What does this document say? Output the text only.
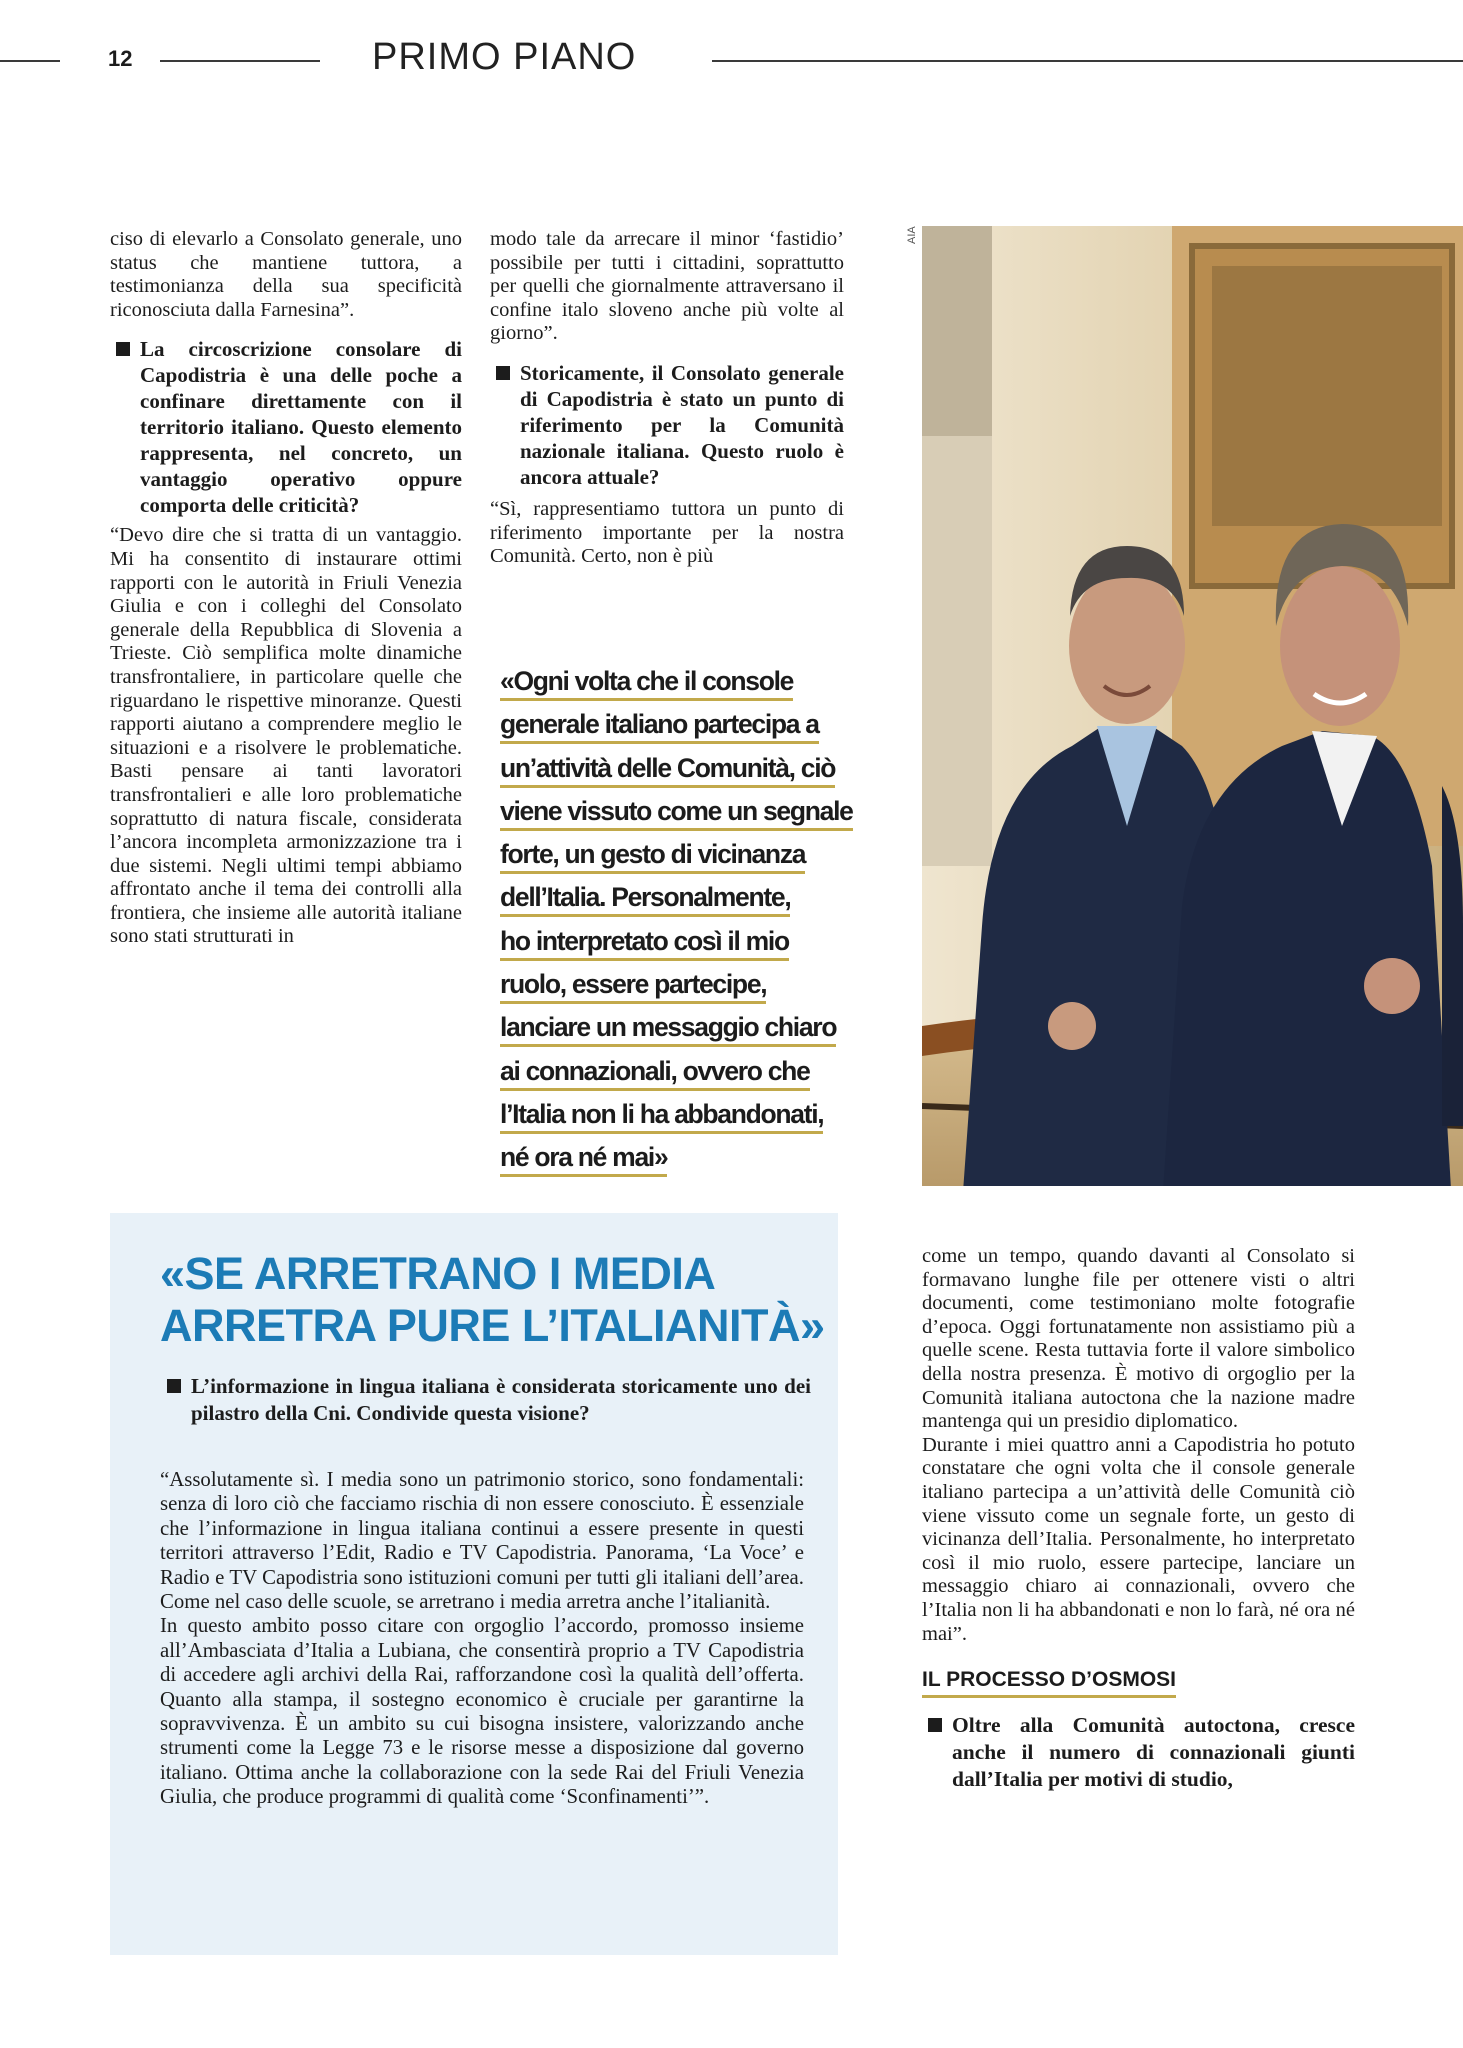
12	PRIMO PIANO

ciso di elevarlo a Consolato generale, uno status che mantiene tuttora, a testimonianza della sua specificità riconosciuta dalla Farnesina”.

La circoscrizione consolare di Capodistria è una delle poche a confinare direttamente con il territorio italiano. Questo elemento rappresenta, nel concreto, un vantaggio operativo oppure comporta delle criticità?

“Devo dire che si tratta di un vantaggio. Mi ha consentito di instaurare ottimi rapporti con le autorità in Friuli Venezia Giulia e con i colleghi del Consolato generale della Repubblica di Slovenia a Trieste. Ciò semplifica molte dinamiche transfrontaliere, in particolare quelle che riguardano le rispettive minoranze. Questi rapporti aiutano a comprendere meglio le situazioni e a risolvere le problematiche. Basti pensare ai tanti lavoratori transfrontalieri e alle loro problematiche soprattutto di natura fiscale, considerata l’ancora incompleta armonizzazione tra i due sistemi. Negli ultimi tempi abbiamo affrontato anche il tema dei controlli alla frontiera, che insieme alle autorità italiane sono stati strutturati in

modo tale da arrecare il minor ‘fastidio’ possibile per tutti i cittadini, soprattutto per quelli che giornalmente attraversano il confine italo sloveno anche più volte al giorno”.

Storicamente, il Consolato generale di Capodistria è stato un punto di riferimento per la Comunità nazionale italiana. Questo ruolo è ancora attuale?

“Sì, rappresentiamo tuttora un punto di riferimento importante per la nostra Comunità. Certo, non è più

«Ogni volta che il console
generale italiano partecipa a
un’attività delle Comunità, ciò
viene vissuto come un segnale
forte, un gesto di vicinanza
dell’Italia. Personalmente,
ho interpretato così il mio
ruolo, essere partecipe,
lanciare un messaggio chiaro
ai connazionali, ovvero che
l’Italia non li ha abbandonati,
né ora né mai»
AIA
«SE ARRETRANO I MEDIA
ARRETRA PURE L’ITALIANITÀ»
L’informazione in lingua italiana è considerata storicamente uno dei pilastro della Cni. Condivide questa visione?

“Assolutamente sì. I media sono un patrimonio storico, sono fondamentali: senza di loro ciò che facciamo rischia di non essere conosciuto. È essenziale che l’informazione in lingua italiana continui a essere presente in questi territori attraverso l’Edit, Radio e TV Capodistria. Panorama, ‘La Voce’ e Radio e TV Capodistria sono istituzioni comuni per tutti gli italiani dell’area. Come nel caso delle scuole, se arretrano i media arretra anche l’italianità.

In questo ambito posso citare con orgoglio l’accordo, promosso insieme all’Ambasciata d’Italia a Lubiana, che consentirà proprio a TV Capodistria di accedere agli archivi della Rai, rafforzandone così la qualità dell’offerta. Quanto alla stampa, il sostegno economico è cruciale per garantirne la sopravvivenza. È un ambito su cui bisogna insistere, valorizzando anche strumenti come la Legge 73 e le risorse messe a disposizione dal governo italiano. Ottima anche la collaborazione con la sede Rai del Friuli Venezia Giulia, che produce programmi di qualità come ‘Sconfinamenti’”.

come un tempo, quando davanti al Consolato si formavano lunghe file per ottenere visti o altri documenti, come testimoniano molte fotografie d’epoca. Oggi fortunatamente non assistiamo più a quelle scene. Resta tuttavia forte il valore simbolico della nostra presenza. È motivo di orgoglio per la Comunità italiana autoctona che la nazione madre mantenga qui un presidio diplomatico.

Durante i miei quattro anni a Capodistria ho potuto constatare che ogni volta che il console generale italiano partecipa a un’attività delle Comunità ciò viene vissuto come un segnale forte, un gesto di vicinanza dell’Italia. Personalmente, ho interpretato così il mio ruolo, essere partecipe, lanciare un messaggio chiaro ai connazionali, ovvero che l’Italia non li ha abbandonati e non lo farà, né ora né mai”.

IL PROCESSO D’OSMOSI
Oltre alla Comunità autoctona, cresce anche il numero di connazionali giunti dall’Italia per motivi di studio,
